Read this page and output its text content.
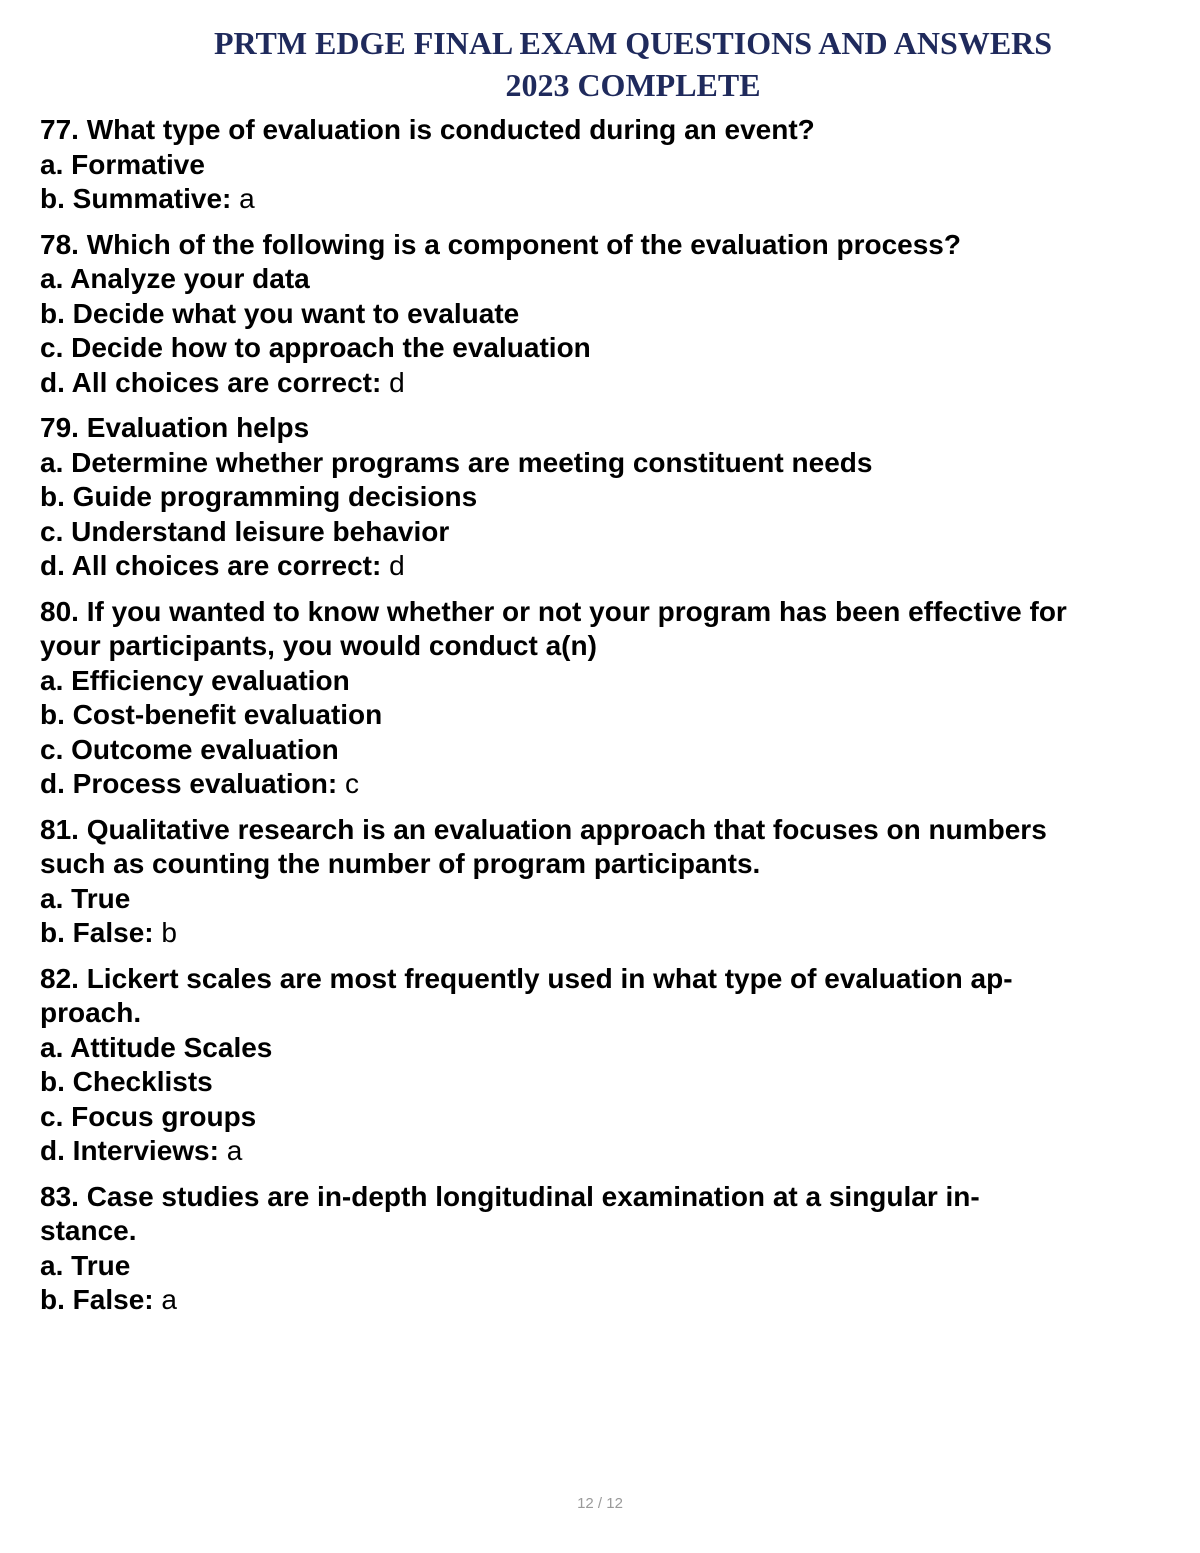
PRTM EDGE FINAL EXAM QUESTIONS AND ANSWERS
2023 COMPLETE
77. What type of evaluation is conducted during an event?
a. Formative
b. Summative: a
78. Which of the following is a component of the evaluation process?
a. Analyze your data
b. Decide what you want to evaluate
c. Decide how to approach the evaluation
d. All choices are correct: d
79. Evaluation helps
a. Determine whether programs are meeting constituent needs
b. Guide programming decisions
c. Understand leisure behavior
d. All choices are correct: d
80. If you wanted to know whether or not your program has been effective for
your participants, you would conduct a(n)
a. Efficiency evaluation
b. Cost-benefit evaluation
c. Outcome evaluation
d. Process evaluation: c
81. Qualitative research is an evaluation approach that focuses on numbers
such as counting the number of program participants.
a. True
b. False: b
82. Lickert scales are most frequently used in what type of evaluation ap-
proach.
a. Attitude Scales
b. Checklists
c. Focus groups
d. Interviews: a
83. Case studies are in-depth longitudinal examination at a singular in-
stance.
a. True
b. False: a
12 / 12
